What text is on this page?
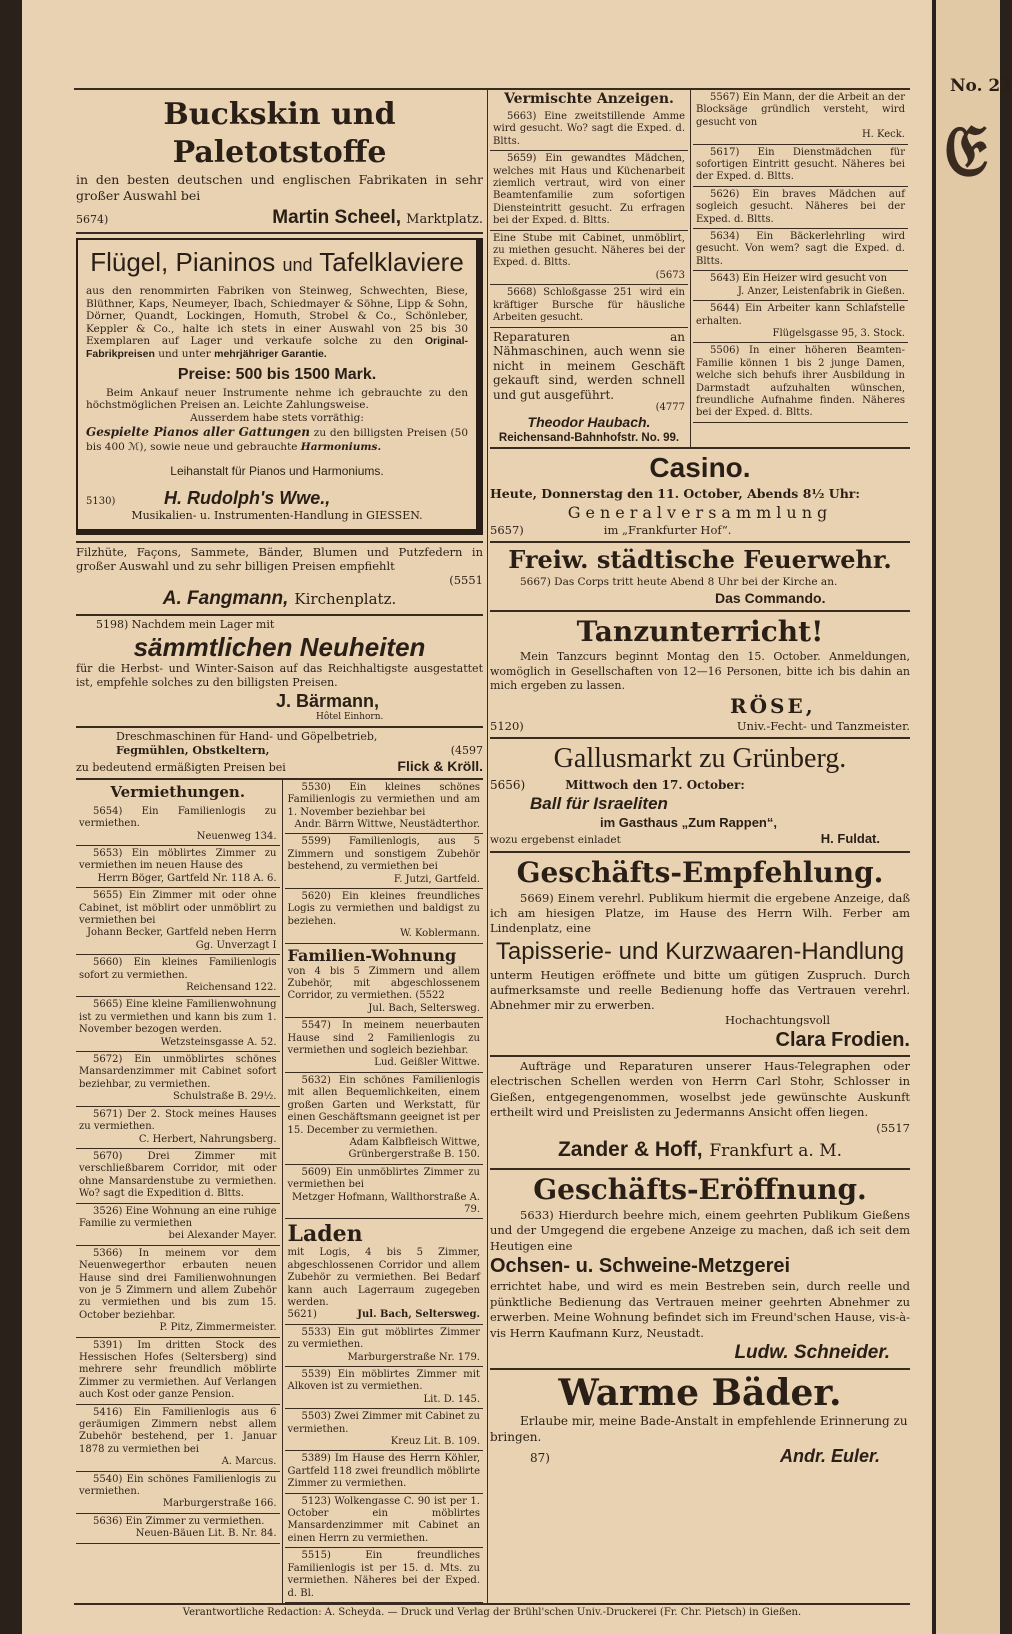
Buckskin und Paletotstoffe
in den besten deutschen und englischen Fabrikaten in sehr großer Auswahl bei
5674)	Martin Scheel, Marktplatz.
Flügel, Pianinos und Tafelklaviere
aus den renommirten Fabriken von Steinweg, Schwechten, Biese, Blüthner, Kaps, Neumeyer, Ibach, Schiedmayer & Söhne, Lipp & Sohn, Dörner, Quandt, Lockingen, Homuth, Strobel & Co., Schönleber, Keppler & Co., halte ich stets in einer Auswahl von 25 bis 30 Exemplaren auf Lager und verkaufe solche zu den Original-Fabrikpreisen und unter mehrjähriger Garantie.
Preise: 500 bis 1500 Mark.
Beim Ankauf neuer Instrumente nehme ich gebrauchte zu den höchstmöglichen Preisen an. Leichte Zahlungsweise.
Ausserdem habe stets vorräthig:
Gespielte Pianos aller Gattungen zu den billigsten Preisen (50 bis 400 ℳ), sowie neue und gebrauchte Harmoniums.
Leihanstalt für Pianos und Harmoniums.
5130)	H. Rudolph's Wwe.,
Musikalien- u. Instrumenten-Handlung in GIESSEN.
Filzhüte, Façons, Sammete, Bänder, Blumen und Putzfedern in großer Auswahl und zu sehr billigen Preisen empfiehlt
(5551
A. Fangmann, Kirchenplatz.
5198) Nachdem mein Lager mit
sämmtlichen Neuheiten
für die Herbst- und Winter-Saison auf das Reichhaltigste ausgestattet ist, empfehle solches zu den billigsten Preisen.
J. Bärmann,
Hôtel Einhorn.
Dreschmaschinen für Hand- und Göpelbetrieb,
Fegmühlen, Obstkeltern,	(4597
zu bedeutend ermäßigten Preisen bei	Flick & Kröll.
Vermiethungen.
5654) Ein Familienlogis zu vermiethen.
Neuenweg 134.
5653) Ein möblirtes Zimmer zu vermiethen im neuen Hause des
Herrn Böger, Gartfeld Nr. 118 A. 6.
5655) Ein Zimmer mit oder ohne Cabinet, ist möblirt oder unmöblirt zu vermiethen bei
Johann Becker, Gartfeld neben Herrn Gg. Unverzagt I
5660) Ein kleines Familienlogis sofort zu vermiethen.
Reichensand 122.
5665) Eine kleine Familienwohnung ist zu vermiethen und kann bis zum 1. November bezogen werden.
Wetzsteinsgasse A. 52.
5672) Ein unmöblirtes schönes Mansardenzimmer mit Cabinet sofort beziehbar, zu vermiethen.
Schulstraße B. 29½.
5671) Der 2. Stock meines Hauses zu vermiethen.
C. Herbert, Nahrungsberg.
5670)	Drei Zimmer mit verschließbarem Corridor, mit oder ohne Mansardenstube zu vermiethen. Wo? sagt die Expedition d. Bltts.
3526) Eine Wohnung an eine ruhige Familie zu vermiethen
bei Alexander Mayer.
5366) In meinem vor dem Neuenwegerthor erbauten neuen Hause sind drei Familienwohnungen von je 5 Zimmern und allem Zubehör zu vermiethen und bis zum 15. October beziehbar.
P. Pitz, Zimmermeister.
5391) Im dritten Stock des Hessischen Hofes (Seltersberg) sind mehrere sehr freundlich möblirte Zimmer zu vermiethen. Auf Verlangen auch Kost oder ganze Pension.
5416) Ein Familienlogis aus 6 geräumigen Zimmern nebst allem Zubehör bestehend, per 1. Januar 1878 zu vermiethen bei
A. Marcus.
5540) Ein schönes Familienlogis zu vermiethen.
Marburgerstraße 166.
5636) Ein Zimmer zu vermiethen.
Neuen-Bäuen Lit. B. Nr. 84.
5530) Ein kleines schönes Familienlogis zu vermiethen und am 1. November beziehbar bei
Andr. Bärrn Wittwe, Neustädterthor.
5599) Familienlogis, aus 5 Zimmern und sonstigem Zubehör bestehend, zu vermiethen bei
F. Jutzi, Gartfeld.
5620) Ein kleines freundliches Logis zu vermiethen und baldigst zu beziehen.
W. Koblermann.
Familien-Wohnung
von 4 bis 5 Zimmern und allem Zubehör, mit abgeschlossenem Corridor, zu vermiethen. (5522
Jul. Bach, Seltersweg.
5547) In meinem neuerbauten Hause sind 2 Familienlogis zu vermiethen und sogleich beziehbar.
Lud. Geißler Wittwe.
5632) Ein schönes Familienlogis mit allen Bequemlichkeiten, einem großen Garten und Werkstatt, für einen Geschäftsmann geeignet ist per 15. December zu vermiethen.
Adam Kalbfleisch Wittwe, Grünbergerstraße B. 150.
5609) Ein unmöblirtes Zimmer zu vermiethen bei
Metzger Hofmann, Wallthorstraße A. 79.
Laden
mit Logis, 4 bis 5 Zimmer, abgeschlossenen Corridor und allem Zubehör zu vermiethen. Bei Bedarf kann auch Lagerraum zugegeben werden.
5621)	Jul. Bach, Seltersweg.
5533) Ein gut möblirtes Zimmer zu vermiethen.
Marburgerstraße Nr. 179.
5539) Ein möblirtes Zimmer mit Alkoven ist zu vermiethen.
Lit. D. 145.
5503) Zwei Zimmer mit Cabinet zu vermiethen.
Kreuz Lit. B. 109.
5389) Im Hause des Herrn Köhler, Gartfeld 118 zwei freundlich möblirte Zimmer zu vermiethen.
5123) Wolkengasse C. 90 ist per 1. October ein möblirtes Mansardenzimmer mit Cabinet an einen Herrn zu vermiethen.
5515)	Ein freundliches Familienlogis ist per 15. d. Mts. zu vermiethen. Näheres bei der Exped. d. Bl.
Vermischte Anzeigen.
5663) Eine zweitstillende Amme wird gesucht. Wo? sagt die Exped. d. Bltts.
5659) Ein gewandtes Mädchen, welches mit Haus und Küchenarbeit ziemlich vertraut, wird von einer Beamtenfamilie zum sofortigen Diensteintritt gesucht. Zu erfragen bei der Exped. d. Bltts.
Eine Stube mit Cabinet, unmöblirt, zu miethen gesucht. Näheres bei der Exped. d. Bltts.
(5673
5668) Schloßgasse 251 wird ein kräftiger Bursche für häusliche Arbeiten gesucht.
Reparaturen an Nähmaschinen, auch wenn sie nicht in meinem Geschäft gekauft sind, werden schnell und gut ausgeführt.
(4777
Theodor Haubach.
Reichensand-Bahnhofstr. No. 99.
5567) Ein Mann, der die Arbeit an der Blocksäge gründlich versteht, wird gesucht von
H. Keck.
5617) Ein Dienstmädchen für sofortigen Eintritt gesucht. Näheres bei der Exped. d. Bltts.
5626) Ein braves Mädchen auf sogleich gesucht. Näheres bei der Exped. d. Bltts.
5634) Ein Bäckerlehrling wird gesucht. Von wem? sagt die Exped. d. Bltts.
5643) Ein Heizer wird gesucht von
J. Anzer, Leistenfabrik in Gießen.
5644) Ein Arbeiter kann Schlafstelle erhalten.
Flügelsgasse 95, 3. Stock.
5506) In einer höheren Beamten-Familie können 1 bis 2 junge Damen, welche sich behufs ihrer Ausbildung in Darmstadt aufzuhalten wünschen, freundliche Aufnahme finden. Näheres bei der Exped. d. Bltts.
Casino.
Heute, Donnerstag den 11. October, Abends 8½ Uhr:
Generalversammlung
5657)	im „Frankfurter Hof“.
Freiw. städtische Feuerwehr.
5667) Das Corps tritt heute Abend 8 Uhr bei der Kirche an.
Das Commando.
Tanzunterricht!
Mein Tanzcurs beginnt Montag den 15. October. Anmeldungen, womöglich in Gesellschaften von 12—16 Personen, bitte ich bis dahin an mich ergeben zu lassen.
RÖSE,
5120)	Univ.-Fecht- und Tanzmeister.
Gallusmarkt zu Grünberg.
5656)	Mittwoch den 17. October:
Ball für Israeliten
im Gasthaus „Zum Rappen“,
wozu ergebenst einladet	H. Fuldat.
Geschäfts-Empfehlung.
5669) Einem verehrl. Publikum hiermit die ergebene Anzeige, daß ich am hiesigen Platze, im Hause des Herrn Wilh. Ferber am Lindenplatz, eine
Tapisserie- und Kurzwaaren-Handlung
unterm Heutigen eröffnete und bitte um gütigen Zuspruch. Durch aufmerksamste und reelle Bedienung hoffe das Vertrauen verehrl. Abnehmer mir zu erwerben.
Hochachtungsvoll
Clara Frodien.
Aufträge und Reparaturen unserer Haus-Telegraphen oder electrischen Schellen werden von Herrn Carl Stohr, Schlosser in Gießen, entgegengenommen, woselbst jede gewünschte Auskunft ertheilt wird und Preislisten zu Jedermanns Ansicht offen liegen.
(5517
Zander & Hoff, Frankfurt a. M.
Geschäfts-Eröffnung.
5633) Hierdurch beehre mich, einem geehrten Publikum Gießens und der Umgegend die ergebene Anzeige zu machen, daß ich seit dem Heutigen eine
Ochsen- u. Schweine-Metzgerei
errichtet habe, und wird es mein Bestreben sein, durch reelle und pünktliche Bedienung das Vertrauen meiner geehrten Abnehmer zu erwerben. Meine Wohnung befindet sich im Freund'schen Hause, vis-à-vis Herrn Kaufmann Kurz, Neustadt.
Ludw. Schneider.
Warme Bäder.
Erlaube mir, meine Bade-Anstalt in empfehlende Erinnerung zu bringen.
87)	Andr. Euler.
Verantwortliche Redaction: A. Scheyda. — Druck und Verlag der Brühl'schen Univ.-Druckerei (Fr. Chr. Pietsch) in Gießen.
No. 23
𝔈
